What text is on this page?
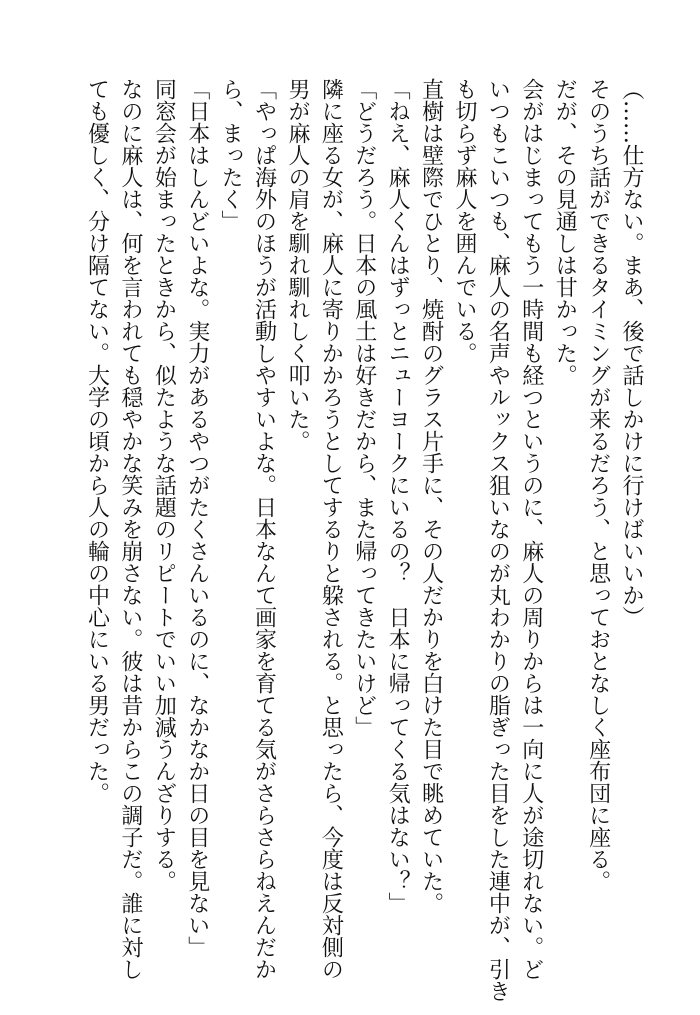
（……仕方ない。まあ、後で話しかけに行けばいいか）
そのうち話ができるタイミングが来るだろう、と思っておとなしく座布団に座る。
だが、その見通しは甘かった。
会がはじまってもう一時間も経つというのに、麻人の周りからは一向に人が途切れない。ど
いつもこいつも、麻人の名声やルックス狙いなのが丸わかりの脂ぎった目をした連中が、引き
も切らず麻人を囲んでいる。
直樹は壁際でひとり、焼酎のグラス片手に、その人だかりを白けた目で眺めていた。
「ねえ、麻人くんはずっとニューヨークにいるの？　日本に帰ってくる気はない？」
「どうだろう。日本の風土は好きだから、また帰ってきたいけど」
隣に座る女が、麻人に寄りかかろうとしてするりと躱される。と思ったら、今度は反対側の
男が麻人の肩を馴れ馴れしく叩いた。
「やっぱ海外のほうが活動しやすいよな。日本なんて画家を育てる気がさらさらねえんだか
ら、まったく」
「日本はしんどいよな。実力があるやつがたくさんいるのに、なかなか日の目を見ない」
同窓会が始まったときから、似たような話題のリピートでいい加減うんざりする。
なのに麻人は、何を言われても穏やかな笑みを崩さない。彼は昔からこの調子だ。誰に対し
ても優しく、分け隔てない。大学の頃から人の輪の中心にいる男だった。
